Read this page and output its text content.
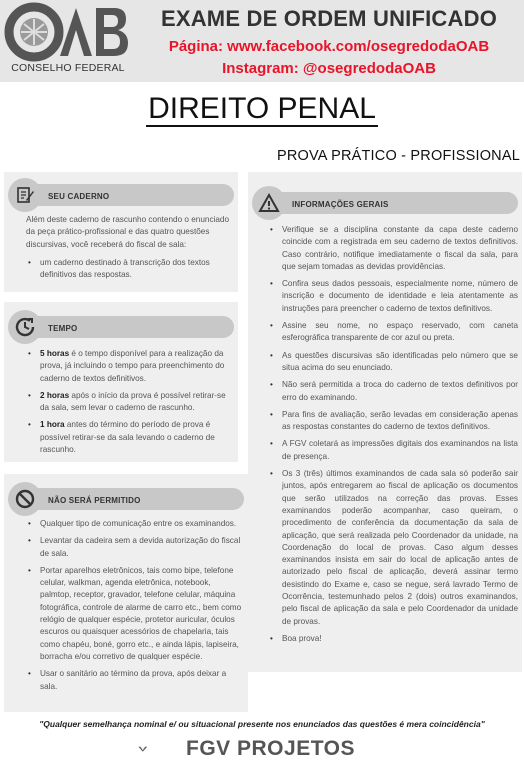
CONSELHO FEDERAL
EXAME DE ORDEM UNIFICADO
Página: www.facebook.com/osegredodaOAB
Instagram: @osegredodaOAB
DIREITO PENAL
PROVA PRÁTICO - PROFISSIONAL
SEU CADERNO

Além deste caderno de rascunho contendo o enunciado da peça prático-profissional e das quatro questões discursivas, você receberá do fiscal de sala:

• um caderno destinado à transcrição dos textos definitivos das respostas.
TEMPO
• 5 horas é o tempo disponível para a realização da prova, já incluindo o tempo para preenchimento do caderno de textos definitivos.
• 2 horas após o início da prova é possível retirar-se da sala, sem levar o caderno de rascunho.
• 1 hora antes do término do período de prova é possível retirar-se da sala levando o caderno de rascunho.
NÃO SERÁ PERMITIDO
• Qualquer tipo de comunicação entre os examinandos.
• Levantar da cadeira sem a devida autorização do fiscal de sala.
• Portar aparelhos eletrônicos, tais como bipe, telefone celular, walkman, agenda eletrônica, notebook, palmtop, receptor, gravador, telefone celular, máquina fotográfica, controle de alarme de carro etc., bem como relógio de qualquer espécie, protetor auricular, óculos escuros ou quaisquer acessórios de chapelaria, tais como chapéu, boné, gorro etc., e ainda lápis, lapiseira, borracha e/ou corretivo de qualquer espécie.
• Usar o sanitário ao término da prova, após deixar a sala.
INFORMAÇÕES GERAIS
• Verifique se a disciplina constante da capa deste caderno coincide com a registrada em seu caderno de textos definitivos. Caso contrário, notifique imediatamente o fiscal da sala, para que sejam tomadas as devidas providências.
• Confira seus dados pessoais, especialmente nome, número de inscrição e documento de identidade e leia atentamente as instruções para preencher o caderno de textos definitivos.
• Assine seu nome, no espaço reservado, com caneta esferográfica transparente de cor azul ou preta.
• As questões discursivas são identificadas pelo número que se situa acima do seu enunciado.
• Não será permitida a troca do caderno de textos definitivos por erro do examinando.
• Para fins de avaliação, serão levadas em consideração apenas as respostas constantes do caderno de textos definitivos.
• A FGV coletará as impressões digitais dos examinandos na lista de presença.
• Os 3 (três) últimos examinandos de cada sala só poderão sair juntos, após entregarem ao fiscal de aplicação os documentos que serão utilizados na correção das provas. Esses examinandos poderão acompanhar, caso queiram, o procedimento de conferência da documentação da sala de aplicação, que será realizada pelo Coordenador da unidade, na Coordenação do local de provas. Caso algum desses examinandos insista em sair do local de aplicação antes de autorizado pelo fiscal de aplicação, deverá assinar termo desistindo do Exame e, caso se negue, será lavrado Termo de Ocorrência, testemunhado pelos 2 (dois) outros examinandos, pelo fiscal de aplicação da sala e pelo Coordenador da unidade de provas.
• Boa prova!
"Qualquer semelhança nominal e/ ou situacional presente nos enunciados das questões é mera coincidência"
FGV PROJETOS
